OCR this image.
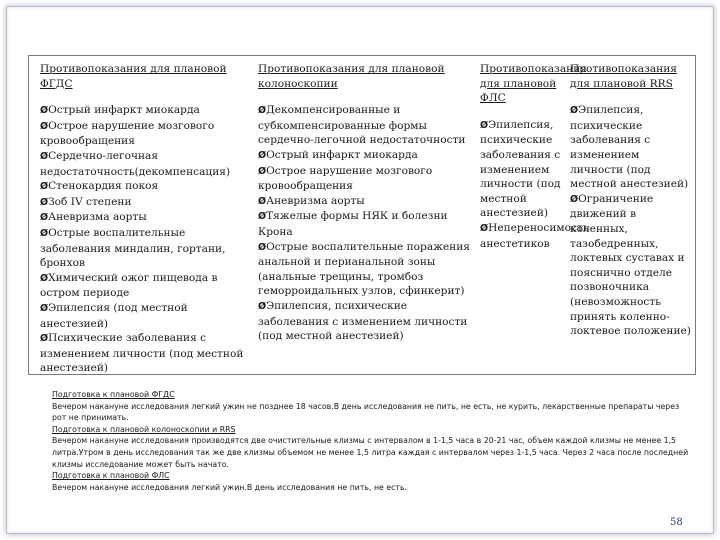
Противопоказания для плановой ФГДС
ØОстрый инфаркт миокарда
ØОстрое нарушение мозгового кровообращения
ØСердечно-легочная недостаточность(декомпенсация)
ØСтенокардия покоя
ØЗоб IV степени
ØАневризма аорты
ØОстрые воспалительные заболевания миндалин, гортани, бронхов
ØХимический ожог пищевода в остром периоде
ØЭпилепсия (под местной анестезией)
ØПсихические заболевания с изменением личности (под местной анестезией)
Противопоказания для плановой колоноскопии
ØДекомпенсированные и субкомпенсированные формы сердечно-легочной недостаточности
ØОстрый инфаркт миокарда
ØОстрое нарушение мозгового кровообращения
ØАневризма аорты
ØТяжелые формы НЯК и болезни Крона
ØОстрые воспалительные поражения анальной и перианальной зоны (анальные трещины, тромбоз геморроидальных узлов, сфинкерит)
ØЭпилепсия, психические заболевания с изменением личности (под местной анестезией)
Противопоказания для плановой ФЛС
ØЭпилепсия, психические заболевания с изменением личности (под местной анестезией)
ØНепереносимость анестетиков
Противопоказания для плановой RRS
ØЭпилепсия, психические заболевания с изменением личности (под местной анестезией)
ØОграничение движений в коленных, тазобедренных, локтевых суставах и пояснично отделе позвоночника (невозможность принять коленно-локтевое положение)
Подготовка к плановой ФГДС
Вечером накануне исследования легкий ужин не позднее 18 часов.В день исследования не пить, не есть, не курить, лекарственные препараты через рот не принимать.
Подготовка к плановой колоноскопии и RRS
Вечером накануне исследования производятся две очистительные клизмы с интервалом в 1-1,5 часа в 20-21 час, объем каждой клизмы не менее 1,5 литра.Утром в день исследования так же две клизмы объемом не менее 1,5 литра каждая с интервалом через 1-1,5 часа. Через 2 часа после последней клизмы исследование может быть начато.
Подготовка к плановой ФЛС
Вечером накануне исследования легкий ужин.В день исследования не пить, не есть.
58
